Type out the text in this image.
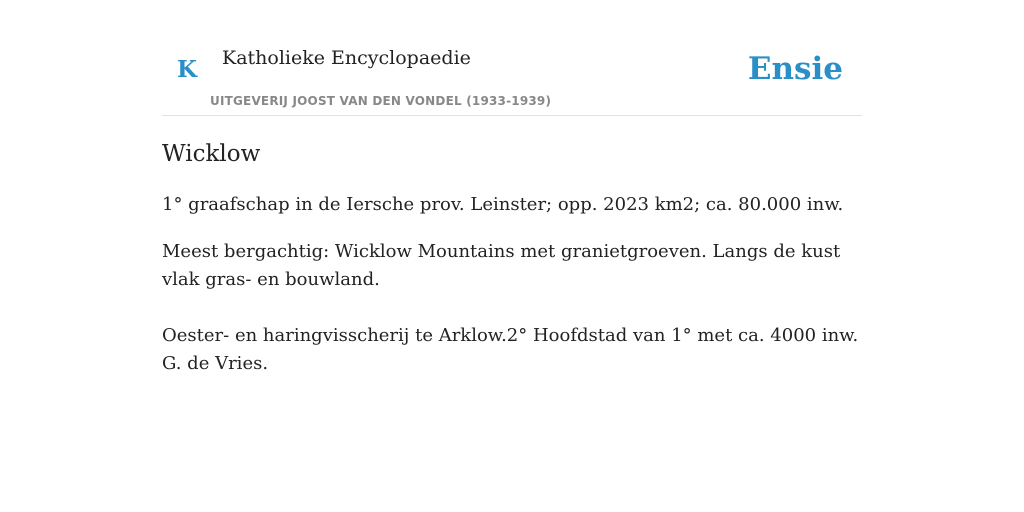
K Katholieke Encyclopaedie
UITGEVERIJ JOOST VAN DEN VONDEL (1933-1939)
Ensie
Wicklow

1° graafschap in de Iersche prov. Leinster; opp. 2023 km2; ca. 80.000 inw.

Meest bergachtig: Wicklow Mountains met granietgroeven. Langs de kust vlak gras- en bouwland.

Oester- en haringvisscherij te Arklow.2° Hoofdstad van 1° met ca. 4000 inw. G. de Vries.
